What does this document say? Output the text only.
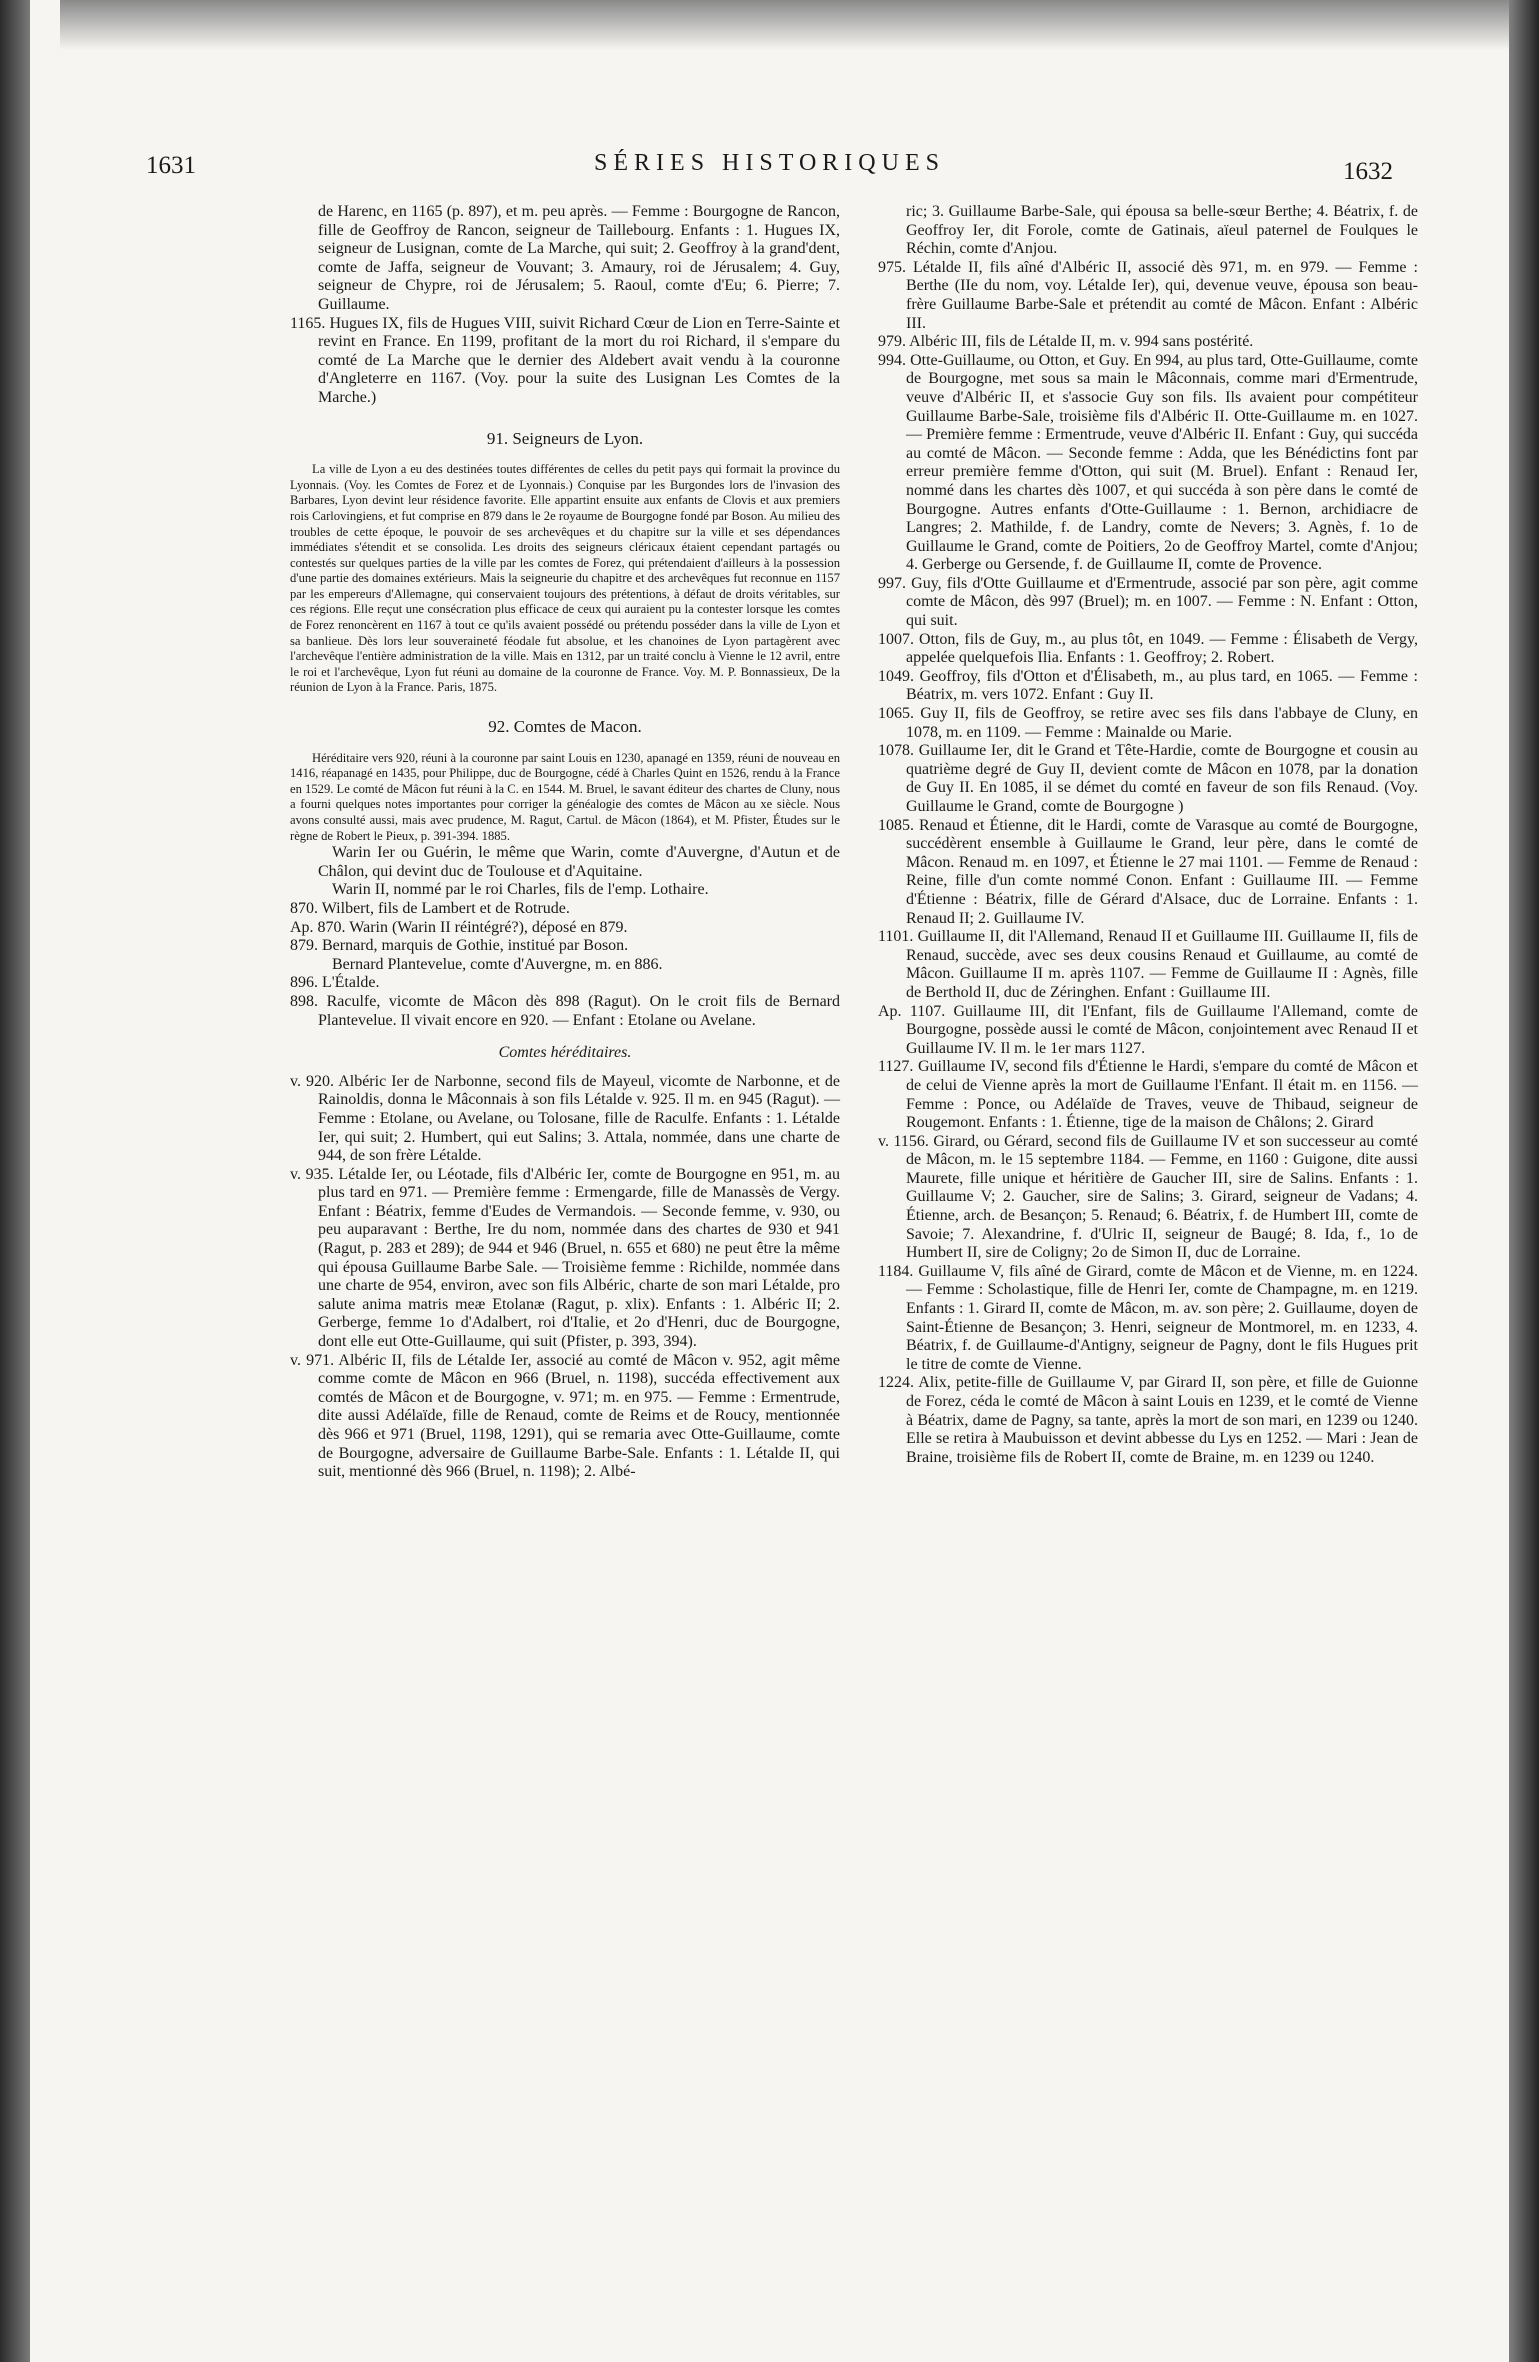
1631	SÉRIES HISTORIQUES	1632

de Harenc, en 1165 (p. 897), et m. peu après. — Femme : Bourgogne de Rancon, fille de Geoffroy de Rancon, seigneur de Taillebourg. Enfants : 1. Hugues IX, seigneur de Lusignan, comte de La Marche, qui suit; 2. Geoffroy à la grand'dent, comte de Jaffa, seigneur de Vouvant; 3. Amaury, roi de Jérusalem; 4. Guy, seigneur de Chypre, roi de Jérusalem; 5. Raoul, comte d'Eu; 6. Pierre; 7. Guillaume.

1165. Hugues IX, fils de Hugues VIII, suivit Richard Cœur de Lion en Terre-Sainte et revint en France. En 1199, profitant de la mort du roi Richard, il s'empare du comté de La Marche que le dernier des Aldebert avait vendu à la couronne d'Angleterre en 1167. (Voy. pour la suite des Lusignan Les Comtes de la Marche.)

91. Seigneurs de Lyon.

La ville de Lyon a eu des destinées toutes différentes de celles du petit pays qui formait la province du Lyonnais. (Voy. les Comtes de Forez et de Lyonnais.) Conquise par les Burgondes lors de l'invasion des Barbares, Lyon devint leur résidence favorite. Elle appartint ensuite aux enfants de Clovis et aux premiers rois Carlovingiens, et fut comprise en 879 dans le 2e royaume de Bourgogne fondé par Boson. Au milieu des troubles de cette époque, le pouvoir de ses archevêques et du chapitre sur la ville et ses dépendances immédiates s'étendit et se consolida. Les droits des seigneurs cléricaux étaient cependant partagés ou contestés sur quelques parties de la ville par les comtes de Forez, qui prétendaient d'ailleurs à la possession d'une partie des domaines extérieurs. Mais la seigneurie du chapitre et des archevêques fut reconnue en 1157 par les empereurs d'Allemagne, qui conservaient toujours des prétentions, à défaut de droits véritables, sur ces régions. Elle reçut une consécration plus efficace de ceux qui auraient pu la contester lorsque les comtes de Forez renoncèrent en 1167 à tout ce qu'ils avaient possédé ou prétendu posséder dans la ville de Lyon et sa banlieue. Dès lors leur souveraineté féodale fut absolue, et les chanoines de Lyon partagèrent avec l'archevêque l'entière administration de la ville. Mais en 1312, par un traité conclu à Vienne le 12 avril, entre le roi et l'archevêque, Lyon fut réuni au domaine de la couronne de France. Voy. M. P. Bonnassieux, De la réunion de Lyon à la France. Paris, 1875.

92. Comtes de Macon.

Héréditaire vers 920, réuni à la couronne par saint Louis en 1230, apanagé en 1359, réuni de nouveau en 1416, réapanagé en 1435, pour Philippe, duc de Bourgogne, cédé à Charles Quint en 1526, rendu à la France en 1529. Le comté de Mâcon fut réuni à la C. en 1544. M. Bruel, le savant éditeur des chartes de Cluny, nous a fourni quelques notes importantes pour corriger la généalogie des comtes de Mâcon au xe siècle. Nous avons consulté aussi, mais avec prudence, M. Ragut, Cartul. de Mâcon (1864), et M. Pfister, Études sur le règne de Robert le Pieux, p. 391-394. 1885.

Warin Ier ou Guérin, le même que Warin, comte d'Auvergne, d'Autun et de Châlon, qui devint duc de Toulouse et d'Aquitaine.

Warin II, nommé par le roi Charles, fils de l'emp. Lothaire.

870. Wilbert, fils de Lambert et de Rotrude.

Ap. 870. Warin (Warin II réintégré?), déposé en 879.

879. Bernard, marquis de Gothie, institué par Boson.

Bernard Plantevelue, comte d'Auvergne, m. en 886.

896. L'Étalde.

898. Raculfe, vicomte de Mâcon dès 898 (Ragut). On le croit fils de Bernard Plantevelue. Il vivait encore en 920. — Enfant : Etolane ou Avelane.

Comtes héréditaires.

v. 920. Albéric Ier de Narbonne, second fils de Mayeul, vicomte de Narbonne, et de Rainoldis, donna le Mâconnais à son fils Létalde v. 925. Il m. en 945 (Ragut). — Femme : Etolane, ou Avelane, ou Tolosane, fille de Raculfe. Enfants : 1. Létalde Ier, qui suit; 2. Humbert, qui eut Salins; 3. Attala, nommée, dans une charte de 944, de son frère Létalde.

v. 935. Létalde Ier, ou Léotade, fils d'Albéric Ier, comte de Bourgogne en 951, m. au plus tard en 971. — Première femme : Ermengarde, fille de Manassès de Vergy. Enfant : Béatrix, femme d'Eudes de Vermandois. — Seconde femme, v. 930, ou peu auparavant : Berthe, Ire du nom, nommée dans des chartes de 930 et 941 (Ragut, p. 283 et 289); de 944 et 946 (Bruel, n. 655 et 680) ne peut être la même qui épousa Guillaume Barbe Sale. — Troisième femme : Richilde, nommée dans une charte de 954, environ, avec son fils Albéric, charte de son mari Létalde, pro salute anima matris meæ Etolanæ (Ragut, p. xlix). Enfants : 1. Albéric II; 2. Gerberge, femme 1o d'Adalbert, roi d'Italie, et 2o d'Henri, duc de Bourgogne, dont elle eut Otte-Guillaume, qui suit (Pfister, p. 393, 394).

v. 971. Albéric II, fils de Létalde Ier, associé au comté de Mâcon v. 952, agit même comme comte de Mâcon en 966 (Bruel, n. 1198), succéda effectivement aux comtés de Mâcon et de Bourgogne, v. 971; m. en 975. — Femme : Ermentrude, dite aussi Adélaïde, fille de Renaud, comte de Reims et de Roucy, mentionnée dès 966 et 971 (Bruel, 1198, 1291), qui se remaria avec Otte-Guillaume, comte de Bourgogne, adversaire de Guillaume Barbe-Sale. Enfants : 1. Létalde II, qui suit, mentionné dès 966 (Bruel, n. 1198); 2. Albé-

ric; 3. Guillaume Barbe-Sale, qui épousa sa belle-sœur Berthe; 4. Béatrix, f. de Geoffroy Ier, dit Forole, comte de Gatinais, aïeul paternel de Foulques le Réchin, comte d'Anjou.

975. Létalde II, fils aîné d'Albéric II, associé dès 971, m. en 979. — Femme : Berthe (IIe du nom, voy. Létalde Ier), qui, devenue veuve, épousa son beau-frère Guillaume Barbe-Sale et prétendit au comté de Mâcon. Enfant : Albéric III.

979. Albéric III, fils de Létalde II, m. v. 994 sans postérité.

994. Otte-Guillaume, ou Otton, et Guy. En 994, au plus tard, Otte-Guillaume, comte de Bourgogne, met sous sa main le Mâconnais, comme mari d'Ermentrude, veuve d'Albéric II, et s'associe Guy son fils. Ils avaient pour compétiteur Guillaume Barbe-Sale, troisième fils d'Albéric II. Otte-Guillaume m. en 1027. — Première femme : Ermentrude, veuve d'Albéric II. Enfant : Guy, qui succéda au comté de Mâcon. — Seconde femme : Adda, que les Bénédictins font par erreur première femme d'Otton, qui suit (M. Bruel). Enfant : Renaud Ier, nommé dans les chartes dès 1007, et qui succéda à son père dans le comté de Bourgogne. Autres enfants d'Otte-Guillaume : 1. Bernon, archidiacre de Langres; 2. Mathilde, f. de Landry, comte de Nevers; 3. Agnès, f. 1o de Guillaume le Grand, comte de Poitiers, 2o de Geoffroy Martel, comte d'Anjou; 4. Gerberge ou Gersende, f. de Guillaume II, comte de Provence.

997. Guy, fils d'Otte Guillaume et d'Ermentrude, associé par son père, agit comme comte de Mâcon, dès 997 (Bruel); m. en 1007. — Femme : N. Enfant : Otton, qui suit.

1007. Otton, fils de Guy, m., au plus tôt, en 1049. — Femme : Élisabeth de Vergy, appelée quelquefois Ilia. Enfants : 1. Geoffroy; 2. Robert.

1049. Geoffroy, fils d'Otton et d'Élisabeth, m., au plus tard, en 1065. — Femme : Béatrix, m. vers 1072. Enfant : Guy II.

1065. Guy II, fils de Geoffroy, se retire avec ses fils dans l'abbaye de Cluny, en 1078, m. en 1109. — Femme : Mainalde ou Marie.

1078. Guillaume Ier, dit le Grand et Tête-Hardie, comte de Bourgogne et cousin au quatrième degré de Guy II, devient comte de Mâcon en 1078, par la donation de Guy II. En 1085, il se démet du comté en faveur de son fils Renaud. (Voy. Guillaume le Grand, comte de Bourgogne )

1085. Renaud et Étienne, dit le Hardi, comte de Varasque au comté de Bourgogne, succédèrent ensemble à Guillaume le Grand, leur père, dans le comté de Mâcon. Renaud m. en 1097, et Étienne le 27 mai 1101. — Femme de Renaud : Reine, fille d'un comte nommé Conon. Enfant : Guillaume III. — Femme d'Étienne : Béatrix, fille de Gérard d'Alsace, duc de Lorraine. Enfants : 1. Renaud II; 2. Guillaume IV.

1101. Guillaume II, dit l'Allemand, Renaud II et Guillaume III. Guillaume II, fils de Renaud, succède, avec ses deux cousins Renaud et Guillaume, au comté de Mâcon. Guillaume II m. après 1107. — Femme de Guillaume II : Agnès, fille de Berthold II, duc de Zéringhen. Enfant : Guillaume III.

Ap. 1107. Guillaume III, dit l'Enfant, fils de Guillaume l'Allemand, comte de Bourgogne, possède aussi le comté de Mâcon, conjointement avec Renaud II et Guillaume IV. Il m. le 1er mars 1127.

1127. Guillaume IV, second fils d'Étienne le Hardi, s'empare du comté de Mâcon et de celui de Vienne après la mort de Guillaume l'Enfant. Il était m. en 1156. — Femme : Ponce, ou Adélaïde de Traves, veuve de Thibaud, seigneur de Rougemont. Enfants : 1. Étienne, tige de la maison de Châlons; 2. Girard

v. 1156. Girard, ou Gérard, second fils de Guillaume IV et son successeur au comté de Mâcon, m. le 15 septembre 1184. — Femme, en 1160 : Guigone, dite aussi Maurete, fille unique et héritière de Gaucher III, sire de Salins. Enfants : 1. Guillaume V; 2. Gaucher, sire de Salins; 3. Girard, seigneur de Vadans; 4. Étienne, arch. de Besançon; 5. Renaud; 6. Béatrix, f. de Humbert III, comte de Savoie; 7. Alexandrine, f. d'Ulric II, seigneur de Baugé; 8. Ida, f., 1o de Humbert II, sire de Coligny; 2o de Simon II, duc de Lorraine.

1184. Guillaume V, fils aîné de Girard, comte de Mâcon et de Vienne, m. en 1224. — Femme : Scholastique, fille de Henri Ier, comte de Champagne, m. en 1219. Enfants : 1. Girard II, comte de Mâcon, m. av. son père; 2. Guillaume, doyen de Saint-Étienne de Besançon; 3. Henri, seigneur de Montmorel, m. en 1233, 4. Béatrix, f. de Guillaume-d'Antigny, seigneur de Pagny, dont le fils Hugues prit le titre de comte de Vienne.

1224. Alix, petite-fille de Guillaume V, par Girard II, son père, et fille de Guionne de Forez, céda le comté de Mâcon à saint Louis en 1239, et le comté de Vienne à Béatrix, dame de Pagny, sa tante, après la mort de son mari, en 1239 ou 1240. Elle se retira à Maubuisson et devint abbesse du Lys en 1252. — Mari : Jean de Braine, troisième fils de Robert II, comte de Braine, m. en 1239 ou 1240.
